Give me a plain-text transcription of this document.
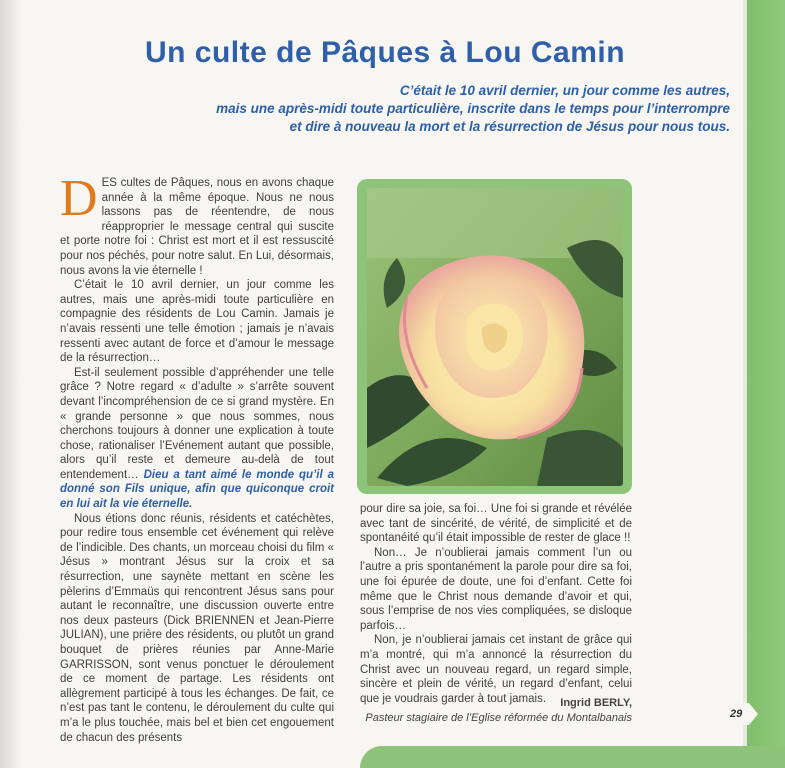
Un culte de Pâques à Lou Camin
C’était le 10 avril dernier, un jour comme les autres,
mais une après-midi toute particulière, inscrite dans le temps pour l’interrompre
et dire à nouveau la mort et la résurrection de Jésus pour nous tous.

DES cultes de Pâques, nous en avons chaque année à la même époque. Nous ne nous lassons pas de réentendre, de nous réapproprier le message central qui suscite et porte notre foi : Christ est mort et il est ressuscité pour nos péchés, pour notre salut. En Lui, désormais, nous avons la vie éternelle !

C’était le 10 avril dernier, un jour comme les autres, mais une après-midi toute particulière en compagnie des résidents de Lou Camin. Jamais je n’avais ressenti une telle émotion ; jamais je n’avais ressenti avec autant de force et d’amour le message de la résurrection…

Est-il seulement possible d’appréhender une telle grâce ? Notre regard « d’adulte » s’arrête souvent devant l’incompréhension de ce si grand mystère. En « grande personne » que nous sommes, nous cherchons toujours à donner une explication à toute chose, rationaliser l’Evénement autant que possible, alors qu’il reste et demeure au-delà de tout entendement… Dieu a tant aimé le monde qu’il a donné son Fils unique, afin que quiconque croit en lui ait la vie éternelle.

Nous étions donc réunis, résidents et catéchètes, pour redire tous ensemble cet événement qui relève de l’indicible. Des chants, un morceau choisi du film « Jésus » montrant Jésus sur la croix et sa résurrection, une saynète mettant en scène les pèlerins d’Emmaüs qui rencontrent Jésus sans pour autant le reconnaître, une discussion ouverte entre nos deux pasteurs (Dick BRIENNEN et Jean-Pierre JULIAN), une prière des résidents, ou plutôt un grand bouquet de prières réunies par Anne-Marie GARRISSON, sont venus ponctuer le déroulement de ce moment de partage. Les résidents ont allègrement participé à tous les échanges. De fait, ce n’est pas tant le contenu, le déroulement du culte qui m’a le plus touchée, mais bel et bien cet engouement de chacun des présents

pour dire sa joie, sa foi… Une foi si grande et révélée avec tant de sincérité, de vérité, de simplicité et de spontanéité qu’il était impossible de rester de glace !!

Non… Je n’oublierai jamais comment l’un ou l’autre a pris spontanément la parole pour dire sa foi, une foi épurée de doute, une foi d’enfant. Cette foi même que le Christ nous demande d’avoir et qui, sous l’emprise de nos vies compliquées, se disloque parfois…

Non, je n’oublierai jamais cet instant de grâce qui m’a montré, qui m’a annoncé la résurrection du Christ avec un nouveau regard, un regard simple, sincère et plein de vérité, un regard d’enfant, celui que je voudrais garder à tout jamais.	Ingrid BERLY,
Pasteur stagiaire de l’Eglise réformée du Montalbanais	29
